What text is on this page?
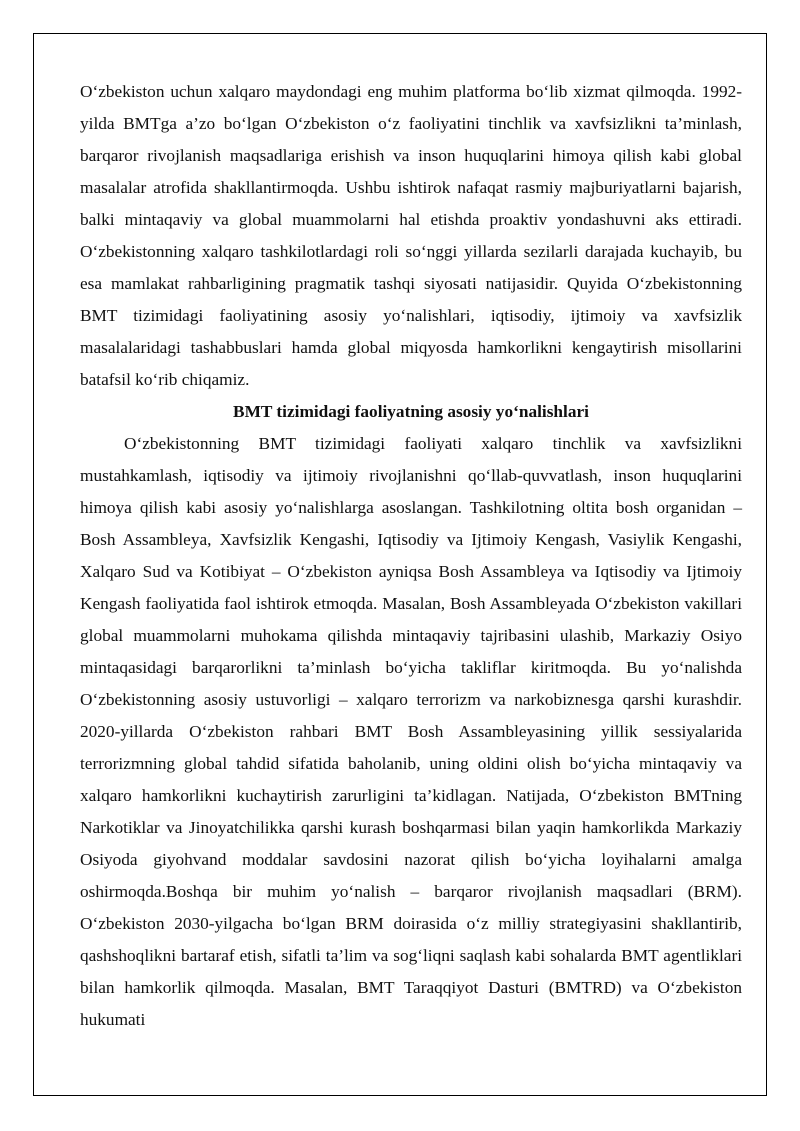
O‘zbekiston uchun xalqaro maydondagi eng muhim platforma bo‘lib xizmat qilmoqda. 1992-yilda BMTga a’zo bo‘lgan O‘zbekiston o‘z faoliyatini tinchlik va xavfsizlikni ta’minlash, barqaror rivojlanish maqsadlariga erishish va inson huquqlarini himoya qilish kabi global masalalar atrofida shakllantirmoqda. Ushbu ishtirok nafaqat rasmiy majburiyatlarni bajarish, balki mintaqaviy va global muammolarni hal etishda proaktiv yondashuvni aks ettiradi. O‘zbekistonning xalqaro tashkilotlardagi roli so‘nggi yillarda sezilarli darajada kuchayib, bu esa mamlakat rahbarligining pragmatik tashqi siyosati natijasidir. Quyida O‘zbekistonning BMT tizimidagi faoliyatining asosiy yo‘nalishlari, iqtisodiy, ijtimoiy va xavfsizlik masalalaridagi tashabbuslari hamda global miqyosda hamkorlikni kengaytirish misollarini batafsil ko‘rib chiqamiz.

BMT tizimidagi faoliyatning asosiy yo‘nalishlari

O‘zbekistonning BMT tizimidagi faoliyati xalqaro tinchlik va xavfsizlikni mustahkamlash, iqtisodiy va ijtimoiy rivojlanishni qo‘llab-quvvatlash, inson huquqlarini himoya qilish kabi asosiy yo‘nalishlarga asoslangan. Tashkilotning oltita bosh organidan – Bosh Assambleya, Xavfsizlik Kengashi, Iqtisodiy va Ijtimoiy Kengash, Vasiylik Kengashi, Xalqaro Sud va Kotibiyat – O‘zbekiston ayniqsa Bosh Assambleya va Iqtisodiy va Ijtimoiy Kengash faoliyatida faol ishtirok etmoqda. Masalan, Bosh Assambleyada O‘zbekiston vakillari global muammolarni muhokama qilishda mintaqaviy tajribasini ulashib, Markaziy Osiyo mintaqasidagi barqarorlikni ta’minlash bo‘yicha takliflar kiritmoqda. Bu yo‘nalishda O‘zbekistonning asosiy ustuvorligi – xalqaro terrorizm va narkobiznesga qarshi kurashdir. 2020-yillarda O‘zbekiston rahbari BMT Bosh Assambleyasining yillik sessiyalarida terrorizmning global tahdid sifatida baholanib, uning oldini olish bo‘yicha mintaqaviy va xalqaro hamkorlikni kuchaytirish zarurligini ta’kidlagan. Natijada, O‘zbekiston BMTning Narkotiklar va Jinoyatchilikka qarshi kurash boshqarmasi bilan yaqin hamkorlikda Markaziy Osiyoda giyohvand moddalar savdosini nazorat qilish bo‘yicha loyihalarni amalga oshirmoqda.Boshqa bir muhim yo‘nalish – barqaror rivojlanish maqsadlari (BRM). O‘zbekiston 2030-yilgacha bo‘lgan BRM doirasida o‘z milliy strategiyasini shakllantirib, qashshoqlikni bartaraf etish, sifatli ta’lim va sog‘liqni saqlash kabi sohalarda BMT agentliklari bilan hamkorlik qilmoqda. Masalan, BMT Taraqqiyot Dasturi (BMTRD) va O‘zbekiston hukumati
